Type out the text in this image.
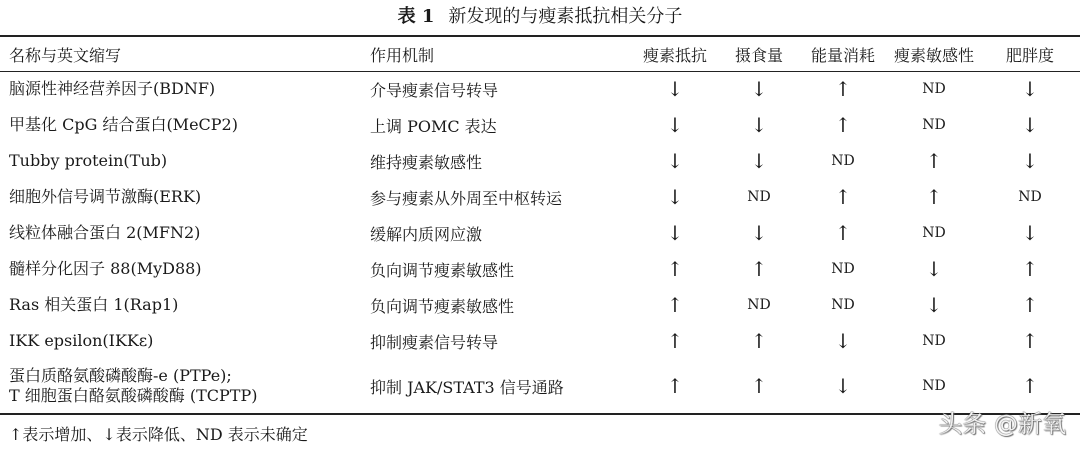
表 1 新发现的与瘦素抵抗相关分子
名称与英文缩写	作用机制	瘦素抵抗	摄食量	能量消耗	瘦素敏感性	肥胖度

脑源性神经营养因子(BDNF)	介导瘦素信号转导	↓	↓	↑	ND	↓

甲基化 CpG 结合蛋白(MeCP2)	上调 POMC 表达	↓	↓	↑	ND	↓

Tubby protein(Tub)	维持瘦素敏感性	↓	↓	ND	↑	↓

细胞外信号调节激酶(ERK)	参与瘦素从外周至中枢转运	↓	ND	↑	↑	ND

线粒体融合蛋白 2(MFN2)	缓解内质网应激	↓	↓	↑	ND	↓

髓样分化因子 88(MyD88)	负向调节瘦素敏感性	↑	↑	ND	↓	↑

Ras 相关蛋白 1(Rap1)	负向调节瘦素敏感性	↑	ND	ND	↓	↑

IKK epsilon(IKKε)	抑制瘦素信号转导	↑	↑	↓	ND	↑

蛋白质酪氨酸磷酸酶-e (PTPe);
T 细胞蛋白酪氨酸磷酸酶 (TCPTP)	抑制 JAK/STAT3 信号通路	↑	↑	↓	ND	↑
↑表示增加、↓表示降低、ND 表示未确定	头条 @新氧
